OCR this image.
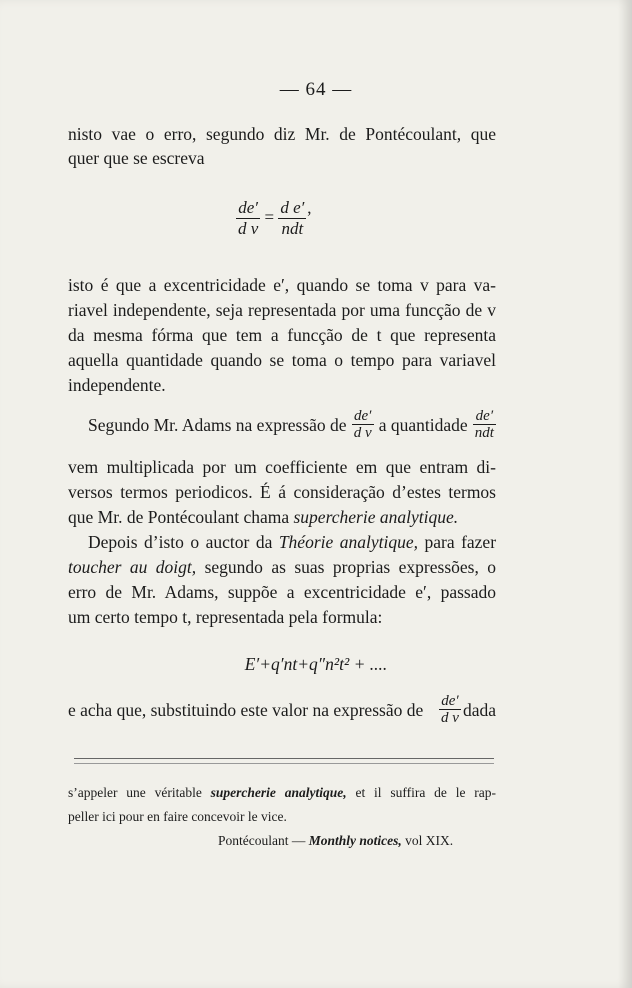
— 64 —
nisto vae o erro, segundo diz Mr. de Pontécoulant, que
quer que se escreva
$\frac{de'}{\text{d v}} = \frac{\text{d e′}}{\text{ndt}}$ ’
isto é que a excentricidade e′, quando se toma v para va-
riavel independente, seja representada por uma funcção de v
da mesma fórma que tem a funcção de t que representa
aquella quantidade quando se toma o tempo para variavel
independente.
Segundo Mr. Adams na expressão de $\frac{de'}{\text{d v}}$ a quantidade $\frac{de'}{\text{ndt}}$
vem multiplicada por um coefficiente em que entram di-
versos termos periodicos. É á consideração d’estes termos
que Mr. de Pontécoulant chama supercherie analytique.
Depois d’isto o auctor da Théorie analytique, para fazer
toucher au doigt, segundo as suas proprias expressões, o
erro de Mr. Adams, suppõe a excentricidade e′, passado
um certo tempo t, representada pela formula:
E′+q′nt+q″n²t² + ....
e acha que, substituindo este valor na expressão de $\frac{de'}{\text{d v}}$ dada
s’appeler une véritable supercherie analytique, et il suffira de le rap-
peller ici pour en faire concevoir le vice.
Pontécoulant — Monthly notices, vol XIX.
